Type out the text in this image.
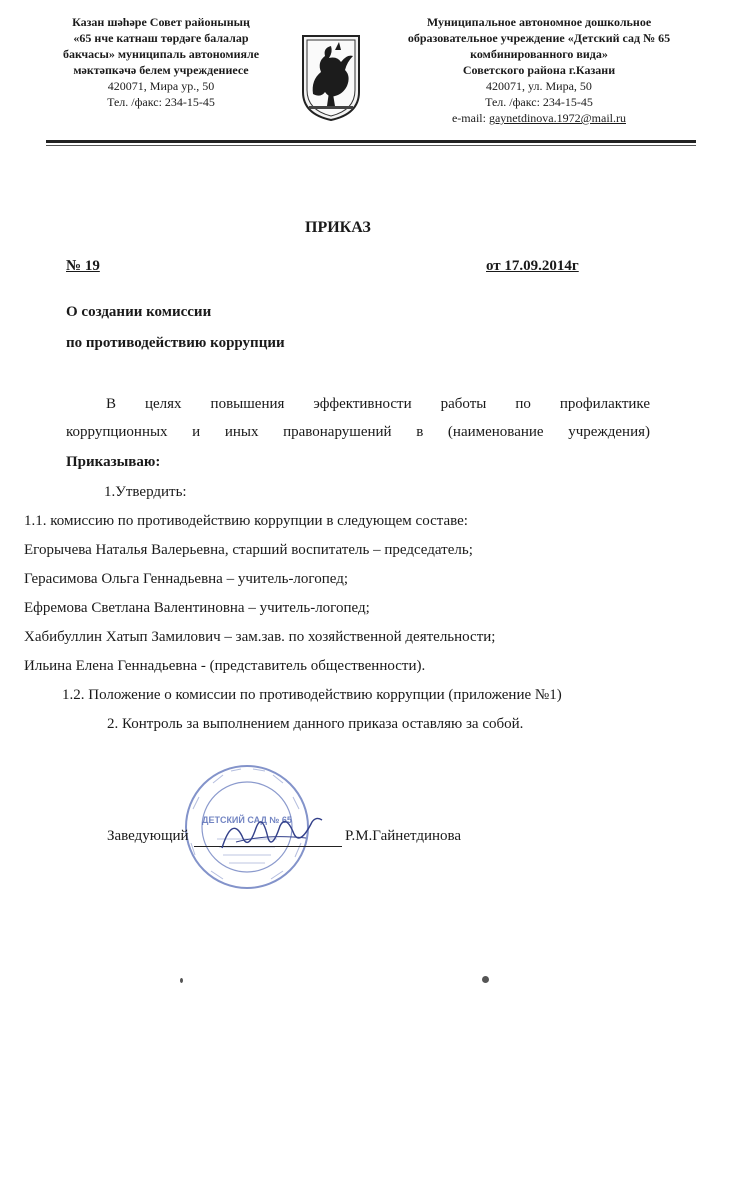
Казан шәһәре Совет районының
«65 нче катнаш төрдәге балалар
бакчасы» муниципаль автономияле
мәктәпкәчә белем учреждениесе
420071, Мира ур., 50
Тел. /факс: 234-15-45
Муниципальное автономное дошкольное
образовательное учреждение «Детский сад № 65
комбинированного вида»
Советского района г.Казани
420071, ул. Мира, 50
Тел. /факс: 234-15-45
e-mail: gaynetdinova.1972@mail.ru
ПРИКАЗ
№ 19	от 17.09.2014г
О создании комиссии
по противодействию коррупции
В целях повышения эффективности работы по профилактике
коррупционных и иных правонарушений в (наименование учреждения)
Приказываю:
1.Утвердить:
1.1. комиссию по противодействию коррупции в следующем составе:
Егорычева Наталья Валерьевна, старший воспитатель – председатель;
Герасимова Ольга Геннадьевна – учитель-логопед;
Ефремова Светлана Валентиновна – учитель-логопед;
Хабибуллин Хатып Замилович – зам.зав. по хозяйственной деятельности;
Ильина Елена Геннадьевна - (представитель общественности).
1.2. Положение о комиссии по противодействию коррупции (приложение №1)
2. Контроль за выполнением данного приказа оставляю за собой.
ДЕТСКИЙ САД № 65
Заведующий	Р.М.Гайнетдинова
